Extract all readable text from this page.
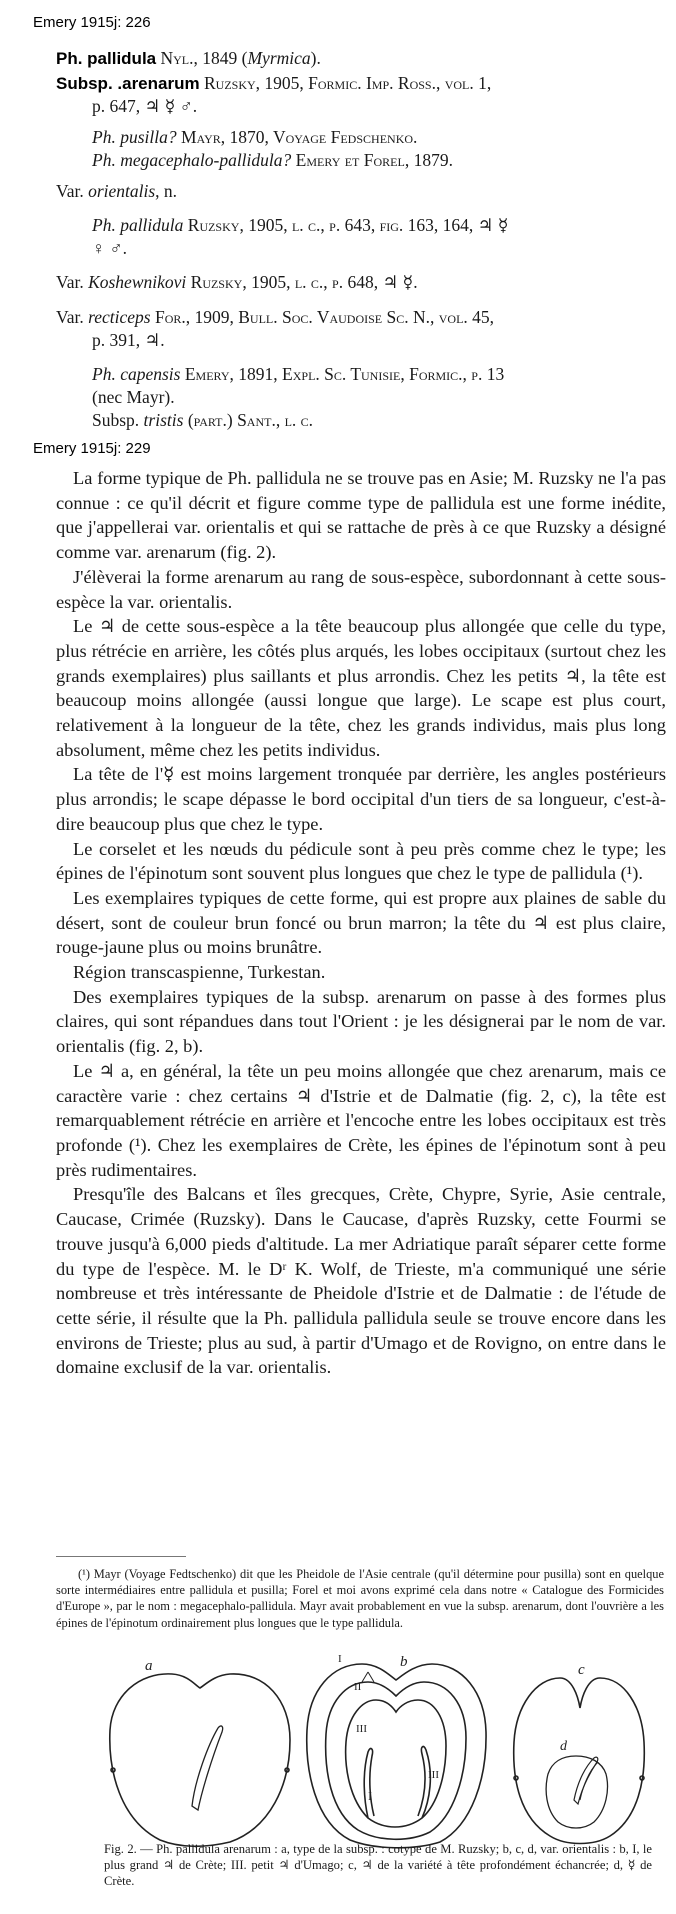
Emery 1915j: 226
Ph. pallidula Nyl., 1849 (Myrmica).
Subsp. .arenarum Ruzsky, 1905, Formic. Imp. Ross., vol. 1,
p. 647, ♃ ☿ ♂.
Ph. pusilla? Mayr, 1870, Voyage Fedschenko.
Ph. megacephalo-pallidula? Emery et Forel, 1879.
Var. orientalis, n.
Ph. pallidula Ruzsky, 1905, l. c., p. 643, fig. 163, 164, ♃ ☿
♀ ♂.
Var. Koshewnikovi Ruzsky, 1905, l. c., p. 648, ♃ ☿.
Var. recticeps For., 1909, Bull. Soc. Vaudoise Sc. N., vol. 45,
p. 391, ♃.
Ph. capensis Emery, 1891, Expl. Sc. Tunisie, Formic., p. 13
(nec Mayr).
Subsp. tristis (part.) Sant., l. c.
Emery 1915j: 229

La forme typique de Ph. pallidula ne se trouve pas en Asie; M. Ruzsky ne l'a pas connue : ce qu'il décrit et figure comme type de pallidula est une forme inédite, que j'appellerai var. orientalis et qui se rattache de près à ce que Ruzsky a désigné comme var. arenarum (fig. 2).

J'élèverai la forme arenarum au rang de sous-espèce, subordonnant à cette sous-espèce la var. orientalis.

Le ♃ de cette sous-espèce a la tête beaucoup plus allongée que celle du type, plus rétrécie en arrière, les côtés plus arqués, les lobes occipitaux (surtout chez les grands exemplaires) plus saillants et plus arrondis. Chez les petits ♃, la tête est beaucoup moins allongée (aussi longue que large). Le scape est plus court, relativement à la longueur de la tête, chez les grands individus, mais plus long absolument, même chez les petits individus.

La tête de l'☿ est moins largement tronquée par derrière, les angles postérieurs plus arrondis; le scape dépasse le bord occipital d'un tiers de sa longueur, c'est-à-dire beaucoup plus que chez le type.

Le corselet et les nœuds du pédicule sont à peu près comme chez le type; les épines de l'épinotum sont souvent plus longues que chez le type de pallidula (¹).

Les exemplaires typiques de cette forme, qui est propre aux plaines de sable du désert, sont de couleur brun foncé ou brun marron; la tête du ♃ est plus claire, rouge-jaune plus ou moins brunâtre.

Région transcaspienne, Turkestan.

Des exemplaires typiques de la subsp. arenarum on passe à des formes plus claires, qui sont répandues dans tout l'Orient : je les désignerai par le nom de var. orientalis (fig. 2, b).

Le ♃ a, en général, la tête un peu moins allongée que chez arenarum, mais ce caractère varie : chez certains ♃ d'Istrie et de Dalmatie (fig. 2, c), la tête est remarquablement rétrécie en arrière et l'encoche entre les lobes occipitaux est très profonde (¹). Chez les exemplaires de Crète, les épines de l'épinotum sont à peu près rudimentaires.

Presqu'île des Balcans et îles grecques, Crète, Chypre, Syrie, Asie centrale, Caucase, Crimée (Ruzsky). Dans le Caucase, d'après Ruzsky, cette Fourmi se trouve jusqu'à 6,000 pieds d'altitude. La mer Adriatique paraît séparer cette forme du type de l'espèce. M. le Dʳ K. Wolf, de Trieste, m'a communiqué une série nombreuse et très intéressante de Pheidole d'Istrie et de Dalmatie : de l'étude de cette série, il résulte que la Ph. pallidula pallidula seule se trouve encore dans les environs de Trieste; plus au sud, à partir d'Umago et de Rovigno, on entre dans le domaine exclusif de la var. orientalis.

(¹) Mayr (Voyage Fedtschenko) dit que les Pheidole de l'Asie centrale (qu'il détermine pour pusilla) sont en quelque sorte intermédiaires entre pallidula et pusilla; Forel et moi avons exprimé cela dans notre « Catalogue des Formicides d'Europe », par le nom : megacephalo-pallidula. Mayr avait probablement en vue la subsp. arenarum, dont l'ouvrière a les épines de l'épinotum ordinairement plus longues que le type pallidula.

a	b	c
d
I
I
II
III
III

Fig. 2. — Ph. pallidula arenarum : a, type de la subsp. : cotype de M. Ruzsky; b, c, d, var. orientalis : b, I, le plus grand ♃ de Crète; III. petit ♃ d'Umago; c, ♃ de la variété à tête profondément échancrée; d, ☿ de Crète.
